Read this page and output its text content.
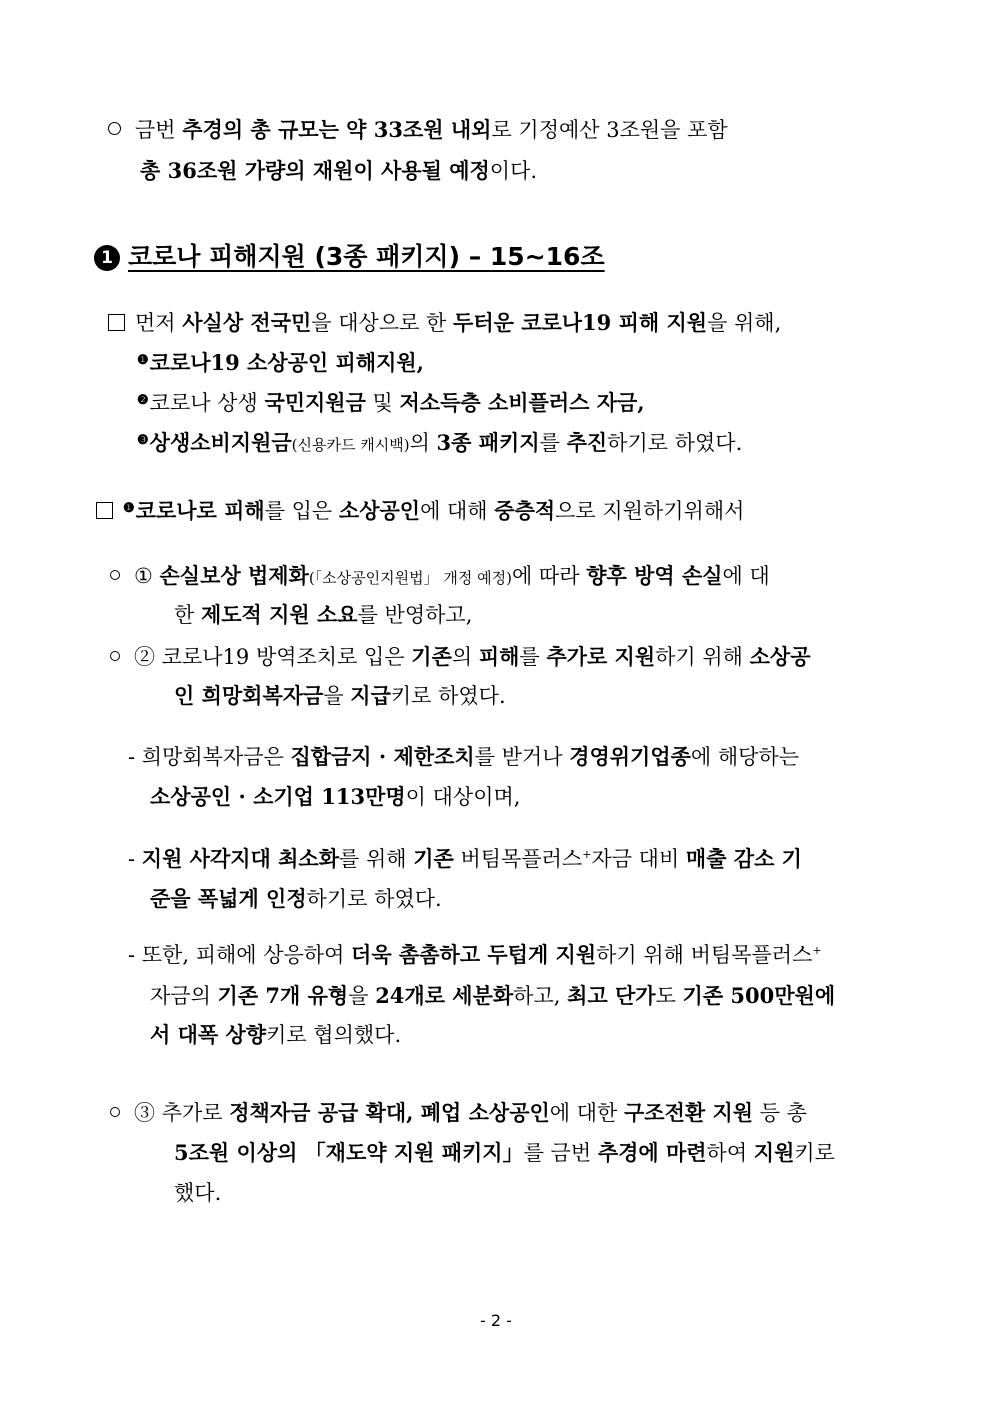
금번 추경의 총 규모는 약 33조원 내외로 기정예산 3조원을 포함
총 36조원 가량의 재원이 사용될 예정이다.
1 코로나 피해지원 (3종 패키지) – 15~16조
먼저 사실상 전국민을 대상으로 한 두터운 코로나19 피해 지원을 위해,
$^❶$코로나19 소상공인 피해지원,
$^❷$코로나 상생 국민지원금 및 저소득층 소비플러스 자금,
$^❸$상생소비지원금(신용카드 캐시백)의 3종 패키지를 추진하기로 하였다.
$^❶$코로나로 피해를 입은 소상공인에 대해 중층적으로 지원하기위해서
① 손실보상 법제화(「소상공인지원법」 개정 예정)에 따라 향후 방역 손실에 대
한 제도적 지원 소요를 반영하고,
② 코로나19 방역조치로 입은 기존의 피해를 추가로 지원하기 위해 소상공
인 희망회복자금을 지급키로 하였다.
- 희망회복자금은 집합금지 · 제한조치를 받거나 경영위기업종에 해당하는
소상공인 · 소기업 113만명이 대상이며,
- 지원 사각지대 최소화를 위해 기존 버팀목플러스+자금 대비 매출 감소 기
준을 폭넓게 인정하기로 하였다.
- 또한, 피해에 상응하여 더욱 촘촘하고 두텁게 지원하기 위해 버팀목플러스+
자금의 기존 7개 유형을 24개로 세분화하고, 최고 단가도 기존 500만원에
서 대폭 상향키로 협의했다.
③ 추가로 정책자금 공급 확대, 폐업 소상공인에 대한 구조전환 지원 등 총
5조원 이상의 「재도약 지원 패키지」를 금번 추경에 마련하여 지원키로
했다.
- 2 -
